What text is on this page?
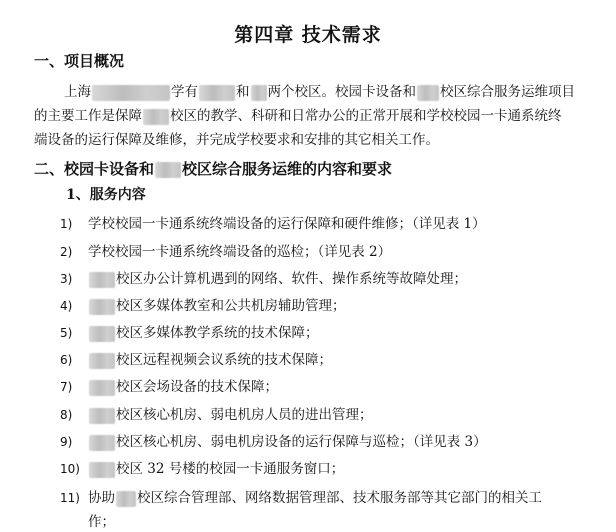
第四章 技术需求
一、项目概况
上海	学有	和 两个校区。校园卡设备和 校区综合服务运维项目
的主要工作是保障 校区的教学、科研和日常办公的正常开展和学校校园一卡通系统终
端设备的运行保障及维修，并完成学校要求和安排的其它相关工作。
二、校园卡设备和 校区综合服务运维的内容和要求
1、服务内容
1) 学校校园一卡通系统终端设备的运行保障和硬件维修；（详见表 1）
2) 学校校园一卡通系统终端设备的巡检；（详见表 2）
3)	校区办公计算机遇到的网络、软件、操作系统等故障处理；
4)	校区多媒体教室和公共机房辅助管理；
5)	校区多媒体教学系统的技术保障；
6)	校区远程视频会议系统的技术保障；
7)	校区会场设备的技术保障；
8)	校区核心机房、弱电机房人员的进出管理；
9)	校区核心机房、弱电机房设备的运行保障与巡检；（详见表 3）
10)	校区 32 号楼的校园一卡通服务窗口；
11) 协助 校区综合管理部、网络数据管理部、技术服务部等其它部门的相关工
作；
